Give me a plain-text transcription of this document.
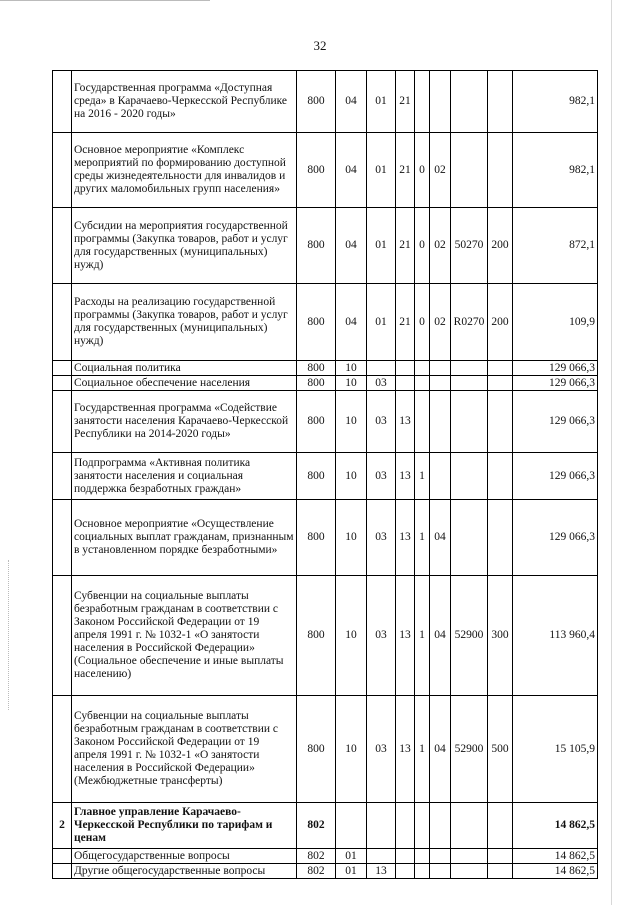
32
	Государственная программа «Доступная среда» в Карачаево-Черкесской Республике на 2016 - 2020 годы»	800	04	01	21					982,1
	Основное мероприятие «Комплекс мероприятий по формированию доступной среды жизнедеятельности для инвалидов и других маломобильных групп населения»	800	04	01	21	0	02			982,1
	Субсидии на мероприятия государственной программы (Закупка товаров, работ и услуг для государственных (муниципальных) нужд)	800	04	01	21	0	02	50270	200	872,1
	Расходы на реализацию государственной программы (Закупка товаров, работ и услуг для государственных (муниципальных) нужд)	800	04	01	21	0	02	R0270	200	109,9
	Социальная политика	800	10							129 066,3
	Социальное обеспечение населения	800	10	03						129 066,3
	Государственная программа «Содействие занятости населения Карачаево-Черкесской Республики на 2014-2020 годы»	800	10	03	13					129 066,3
	Подпрограмма «Активная политика занятости населения и социальная поддержка безработных граждан»	800	10	03	13	1				129 066,3
	Основное мероприятие «Осуществление социальных выплат гражданам, признанным в установленном порядке безработными»	800	10	03	13	1	04			129 066,3
	Субвенции на социальные выплаты безработным гражданам в соответствии с Законом Российской Федерации от 19 апреля 1991 г. № 1032-1 «О занятости населения в Российской Федерации» (Социальное обеспечение и иные выплаты населению)	800	10	03	13	1	04	52900	300	113 960,4
	Субвенции на социальные выплаты безработным гражданам в соответствии с Законом Российской Федерации от 19 апреля 1991 г. № 1032-1 «О занятости населения в Российской Федерации» (Межбюджетные трансферты)	800	10	03	13	1	04	52900	500	15 105,9
2	Главное управление Карачаево-Черкесской Республики по тарифам и ценам	802								14 862,5
	Общегосударственные вопросы	802	01							14 862,5
	Другие общегосударственные вопросы	802	01	13						14 862,5
